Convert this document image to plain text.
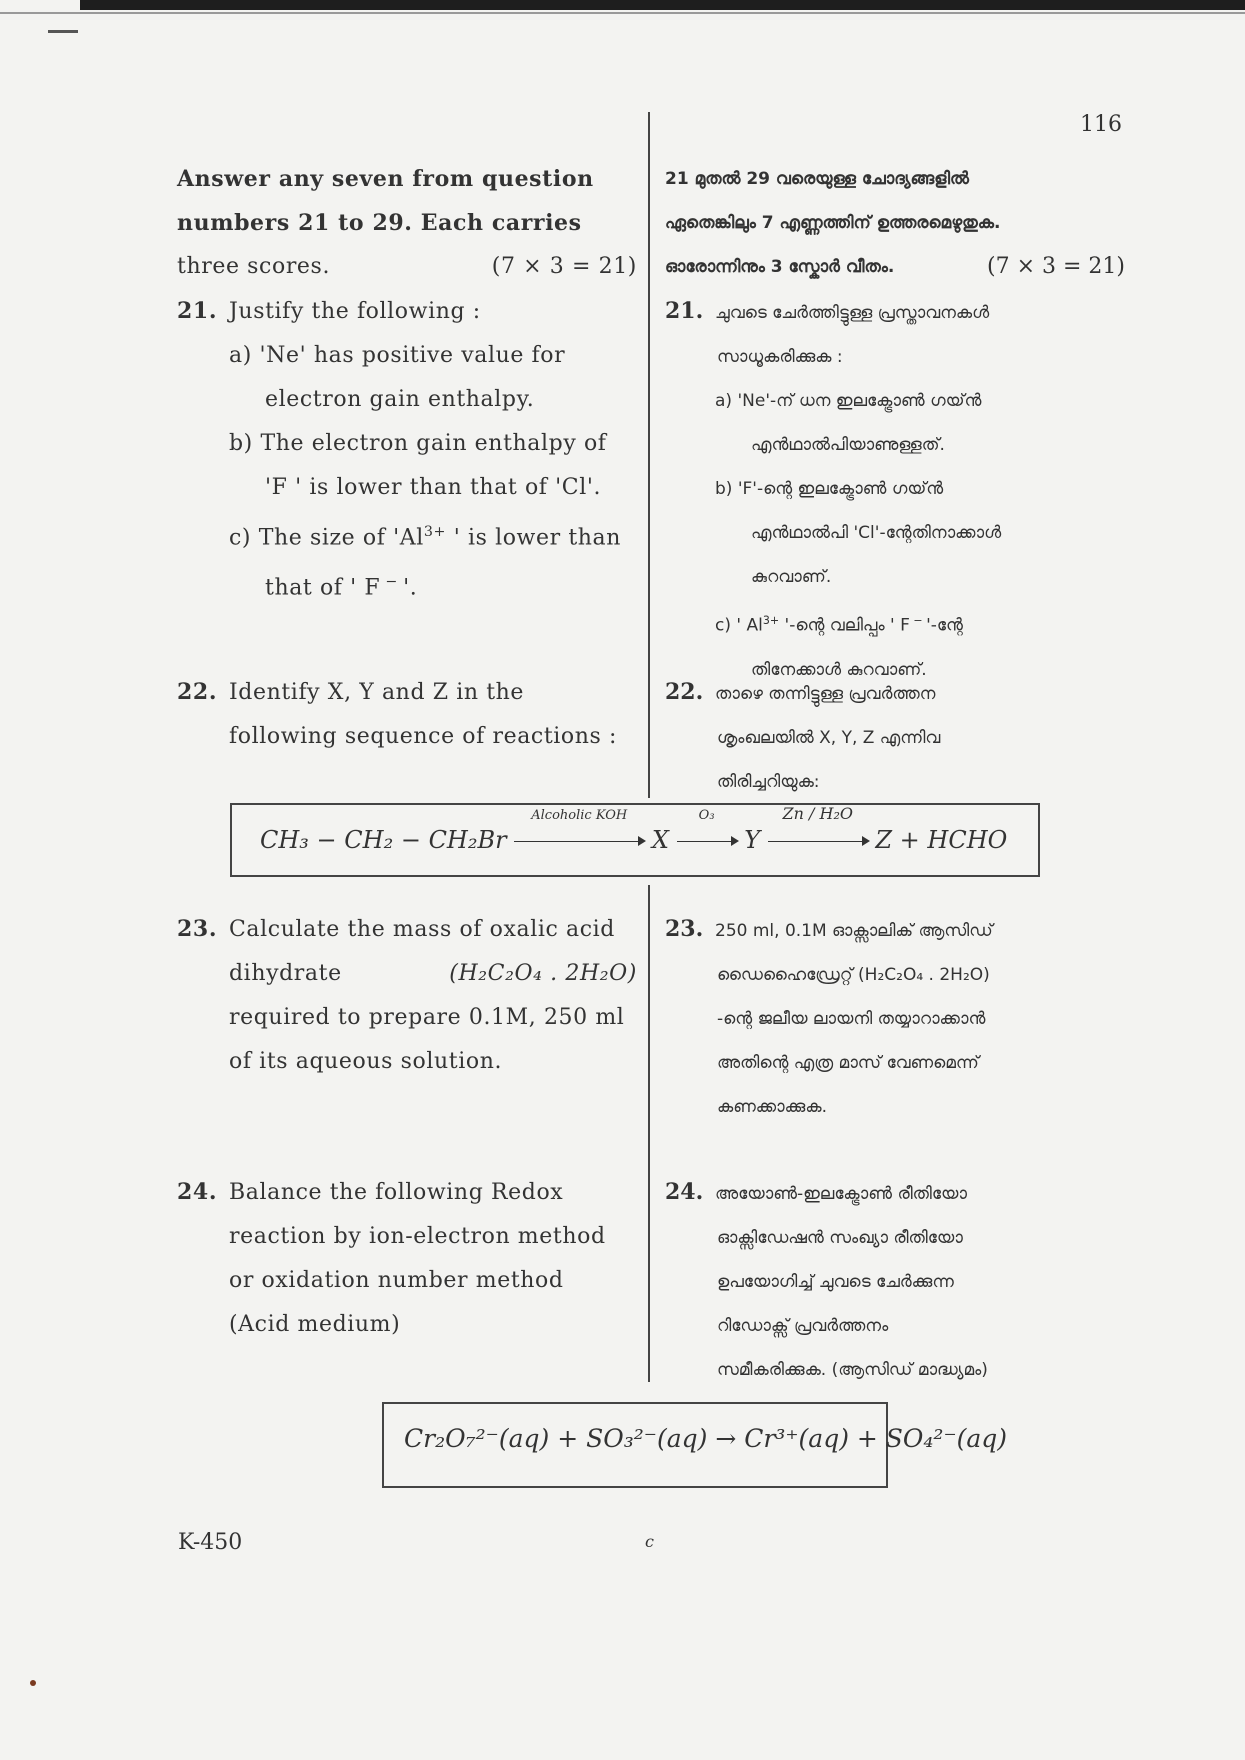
116
Answer any seven from question
numbers 21 to 29. Each carries
three scores.	(7 × 3 = 21)
21. Justify the following :
a) 'Ne' has positive value for
electron gain enthalpy.
b) The electron gain enthalpy of
'F ' is lower than that of 'Cl'.
c) The size of '$Al^{3+}$ ' is lower than
that of ' F − '.
22. Identify X, Y and Z in the
following sequence of reactions :
23. Calculate the mass of oxalic acid
dihydrate	(H₂C₂O₄ . 2H₂O)
required to prepare 0.1M, 250 ml
of its aqueous solution.
24. Balance the following Redox
reaction by ion-electron method
or oxidation number method
(Acid medium)
21 മുതൽ 29 വരെയുള്ള ചോദ്യങ്ങളിൽ
ഏതെങ്കിലും 7 എണ്ണത്തിന് ഉത്തരമെഴുതുക.
ഓരോന്നിനും 3 സ്കോർ വീതം.	(7 × 3 = 21)
21. ചുവടെ ചേർത്തിട്ടുള്ള പ്രസ്താവനകൾ
സാധൂകരിക്കുക :
a) 'Ne'-ന് ധന ഇലക്ട്രോൺ ഗയ്ൻ
എൻഥാൽപിയാണുള്ളത്.
b) 'F'-ന്റെ ഇലക്ട്രോൺ ഗയ്ൻ
എൻഥാൽപി 'Cl'-ന്റേതിനാക്കാൾ
കുറവാണ്.
c) ' $Al^{3+}$ '-ന്റെ വലിപ്പം ' F − '-ന്റേ
തിനേക്കാൾ കുറവാണ്.
22. താഴെ തന്നിട്ടുള്ള പ്രവർത്തന
ശൃംഖലയിൽ X, Y, Z എന്നിവ
തിരിച്ചറിയുക:
23. 250 ml, 0.1M ഓക്സാലിക് ആസിഡ്
ഡൈഹൈഡ്രേറ്റ് (H₂C₂O₄ . 2H₂O)
-ന്റെ ജലീയ ലായനി തയ്യാറാക്കാൻ
അതിന്റെ എത്ര മാസ് വേണമെന്ന്
കണക്കാക്കുക.
24. അയോൺ-ഇലക്ട്രോൺ രീതിയോ
ഓക്സിഡേഷൻ സംഖ്യാ രീതിയോ
ഉപയോഗിച്ച് ചുവടെ ചേർക്കുന്ന
റിഡോക്സ് പ്രവർത്തനം
സമീകരിക്കുക. (ആസിഡ് മാദ്ധ്യമം)
CH₃ − CH₂ − CH₂Br
Alcoholic KOH
X
O₃
Y
Zn / H₂O
Z + HCHO
Cr₂O₇²⁻(aq) + SO₃²⁻(aq) → Cr³⁺(aq) + SO₄²⁻(aq)
K-450	c
